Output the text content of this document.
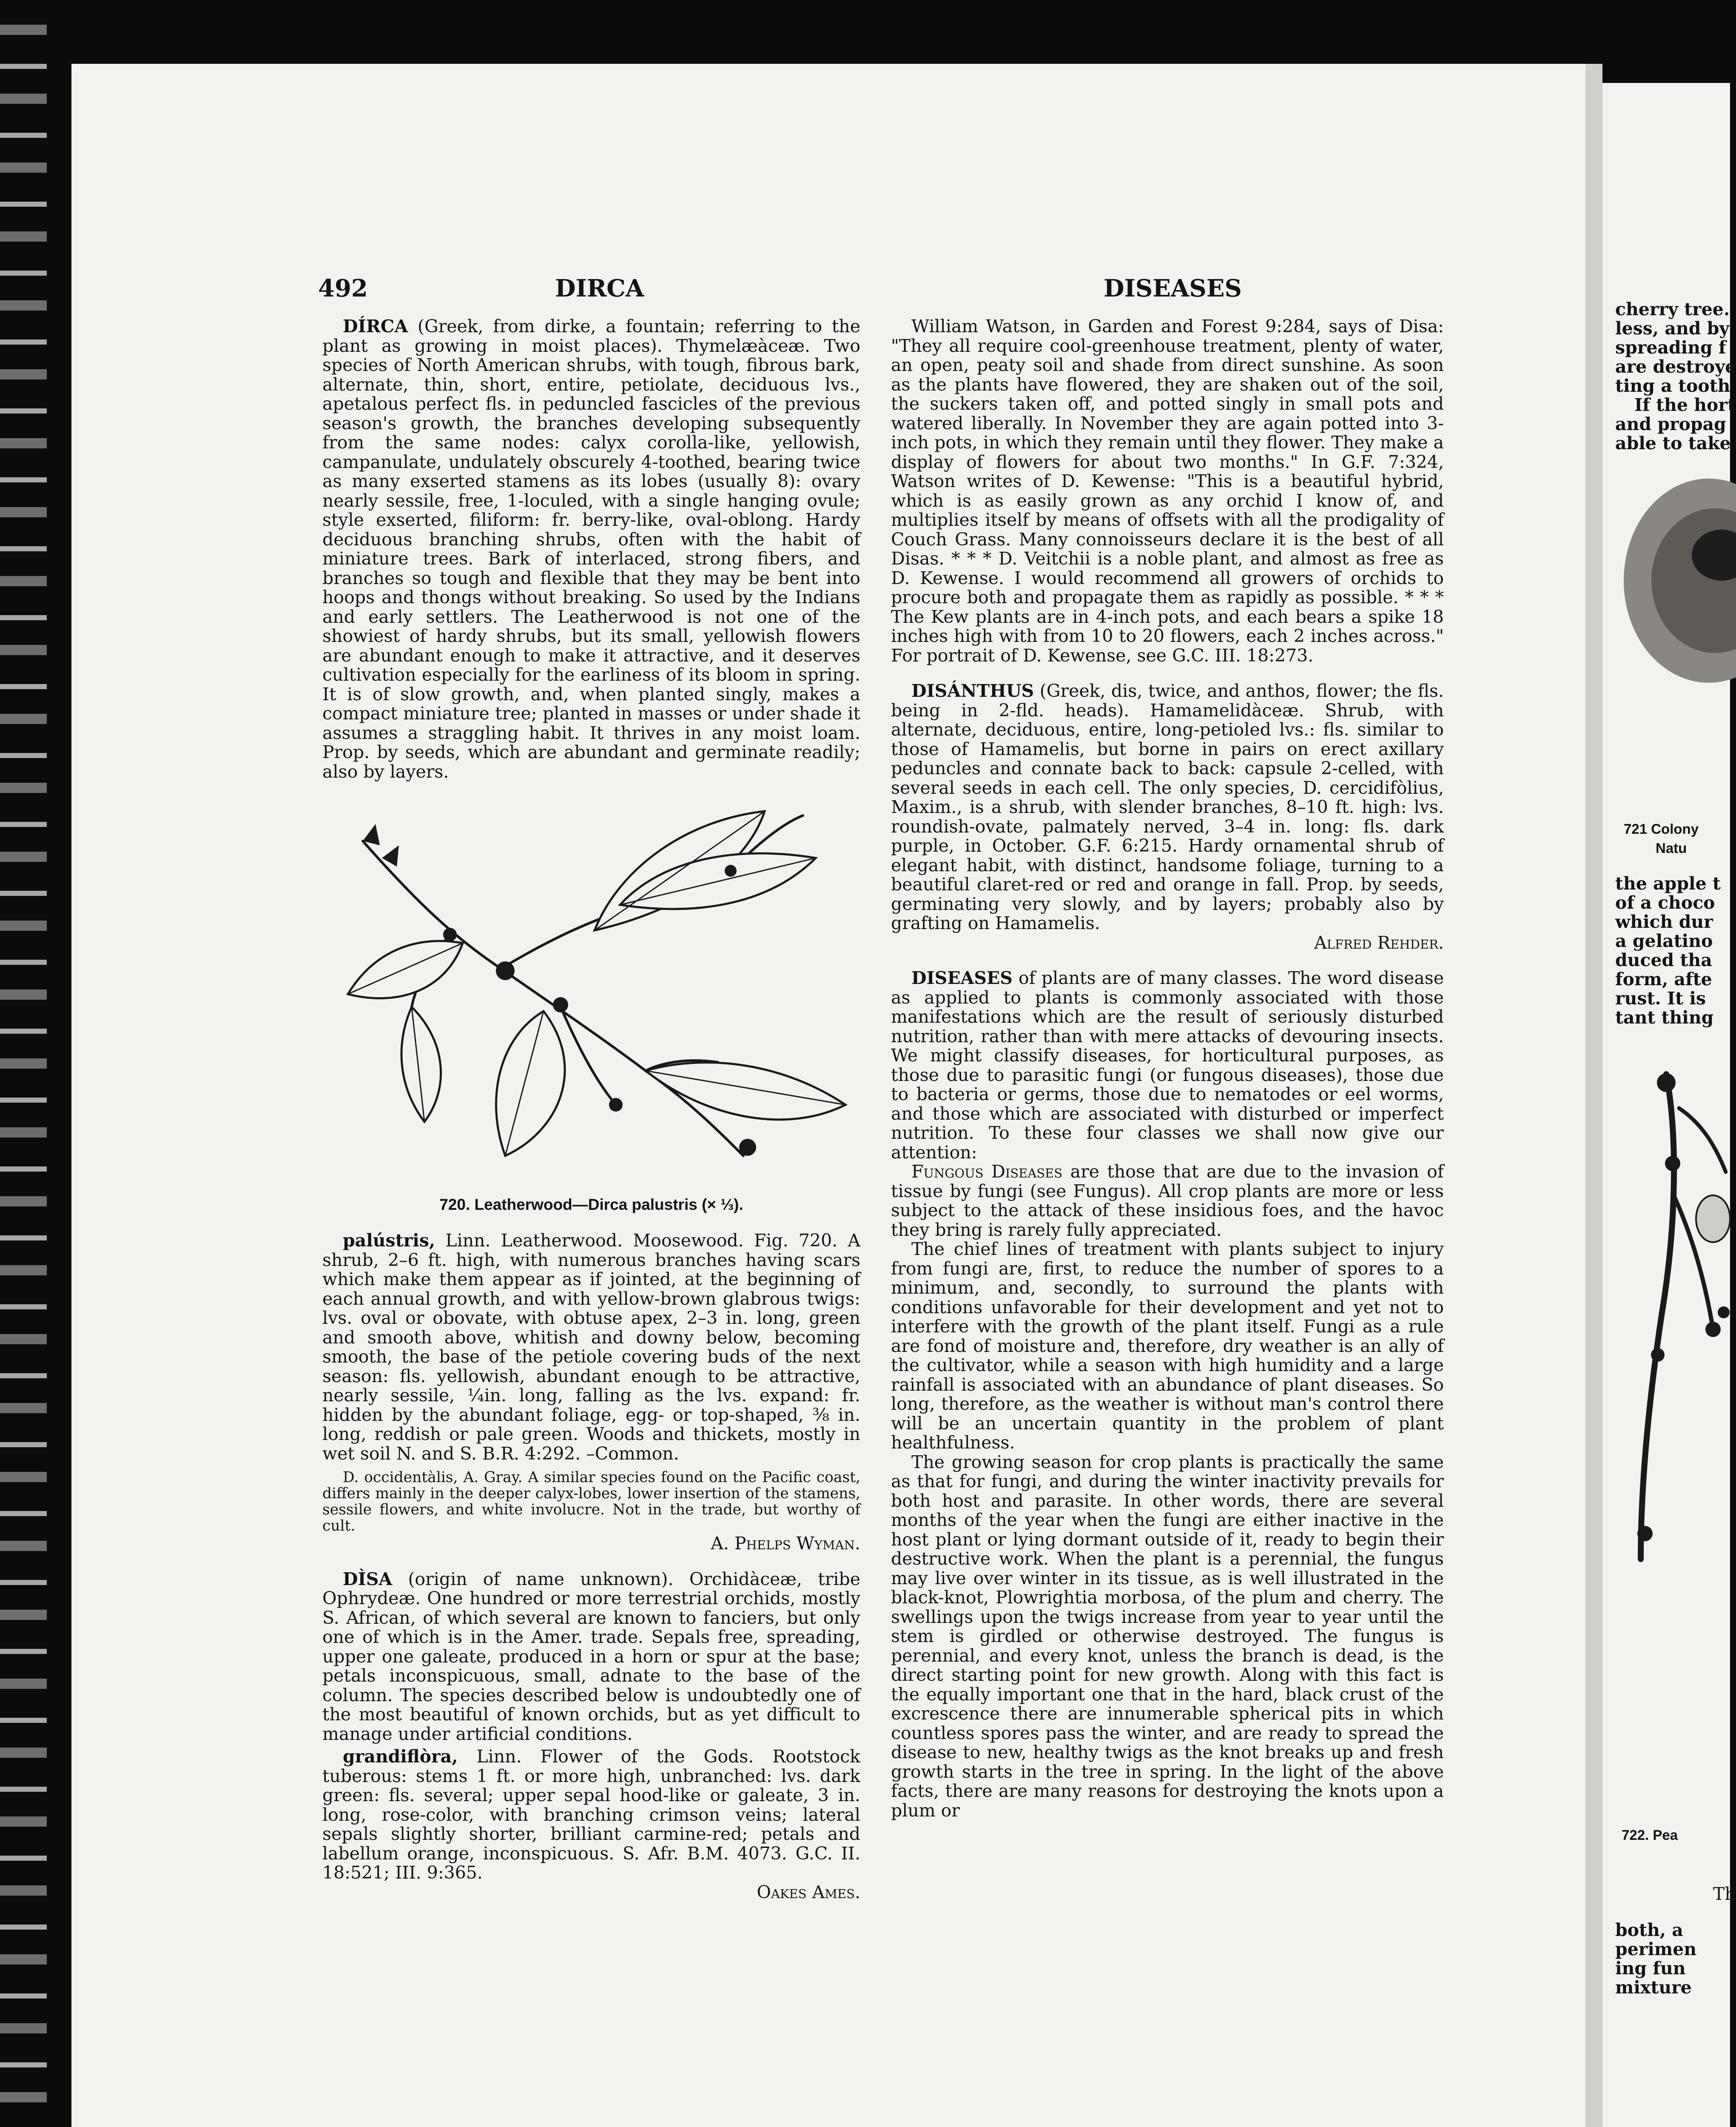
492	DIRCA	DISEASES

DÍRCA (Greek, from dirke, a fountain; referring to the plant as growing in moist places). Thymelæàceæ. Two species of North American shrubs, with tough, fibrous bark, alternate, thin, short, entire, petiolate, deciduous lvs., apetalous perfect fls. in peduncled fascicles of the previous season's growth, the branches developing subsequently from the same nodes: calyx corolla-like, yellowish, campanulate, undulately obscurely 4-toothed, bearing twice as many exserted stamens as its lobes (usually 8): ovary nearly sessile, free, 1-loculed, with a single hanging ovule; style exserted, filiform: fr. berry-like, oval-oblong. Hardy deciduous branching shrubs, often with the habit of miniature trees. Bark of interlaced, strong fibers, and branches so tough and flexible that they may be bent into hoops and thongs without breaking. So used by the Indians and early settlers. The Leatherwood is not one of the showiest of hardy shrubs, but its small, yellowish flowers are abundant enough to make it attractive, and it deserves cultivation especially for the earliness of its bloom in spring. It is of slow growth, and, when planted singly, makes a compact miniature tree; planted in masses or under shade it assumes a straggling habit. It thrives in any moist loam. Prop. by seeds, which are abundant and germinate readily; also by layers.

720. Leatherwood—Dirca palustris (× ⅓).

palústris, Linn. Leatherwood. Moosewood. Fig. 720. A shrub, 2–6 ft. high, with numerous branches having scars which make them appear as if jointed, at the beginning of each annual growth, and with yellow-brown glabrous twigs: lvs. oval or obovate, with obtuse apex, 2–3 in. long, green and smooth above, whitish and downy below, becoming smooth, the base of the petiole covering buds of the next season: fls. yellowish, abundant enough to be attractive, nearly sessile, ¼in. long, falling as the lvs. expand: fr. hidden by the abundant foliage, egg- or top-shaped, ⅜ in. long, reddish or pale green. Woods and thickets, mostly in wet soil N. and S. B.R. 4:292. –Common.

D. occidentàlis, A. Gray. A similar species found on the Pacific coast, differs mainly in the deeper calyx-lobes, lower insertion of the stamens, sessile flowers, and white involucre. Not in the trade, but worthy of cult.

A. Phelps Wyman.

DÌSA (origin of name unknown). Orchidàceæ, tribe Ophrydeæ. One hundred or more terrestrial orchids, mostly S. African, of which several are known to fanciers, but only one of which is in the Amer. trade. Sepals free, spreading, upper one galeate, produced in a horn or spur at the base; petals inconspicuous, small, adnate to the base of the column. The species described below is undoubtedly one of the most beautiful of known orchids, but as yet difficult to manage under artificial conditions.

grandiflòra, Linn. Flower of the Gods. Rootstock tuberous: stems 1 ft. or more high, unbranched: lvs. dark green: fls. several; upper sepal hood-like or galeate, 3 in. long, rose-color, with branching crimson veins; lateral sepals slightly shorter, brilliant carmine-red; petals and labellum orange, inconspicuous. S. Afr. B.M. 4073. G.C. II. 18:521; III. 9:365.

Oakes Ames.

William Watson, in Garden and Forest 9:284, says of Disa: "They all require cool-greenhouse treatment, plenty of water, an open, peaty soil and shade from direct sunshine. As soon as the plants have flowered, they are shaken out of the soil, the suckers taken off, and potted singly in small pots and watered liberally. In November they are again potted into 3-inch pots, in which they remain until they flower. They make a display of flowers for about two months." In G.F. 7:324, Watson writes of D. Kewense: "This is a beautiful hybrid, which is as easily grown as any orchid I know of, and multiplies itself by means of offsets with all the prodigality of Couch Grass. Many connoisseurs declare it is the best of all Disas. * * * D. Veitchii is a noble plant, and almost as free as D. Kewense. I would recommend all growers of orchids to procure both and propagate them as rapidly as possible. * * * The Kew plants are in 4-inch pots, and each bears a spike 18 inches high with from 10 to 20 flowers, each 2 inches across." For portrait of D. Kewense, see G.C. III. 18:273.

DISÁNTHUS (Greek, dis, twice, and anthos, flower; the fls. being in 2-fld. heads). Hamamelidàceæ. Shrub, with alternate, deciduous, entire, long-petioled lvs.: fls. similar to those of Hamamelis, but borne in pairs on erect axillary peduncles and connate back to back: capsule 2-celled, with several seeds in each cell. The only species, D. cercidifòlius, Maxim., is a shrub, with slender branches, 8–10 ft. high: lvs. roundish-ovate, palmately nerved, 3–4 in. long: fls. dark purple, in October. G.F. 6:215. Hardy ornamental shrub of elegant habit, with distinct, handsome foliage, turning to a beautiful claret-red or red and orange in fall. Prop. by seeds, germinating very slowly, and by layers; probably also by grafting on Hamamelis.

Alfred Rehder.

DISEASES of plants are of many classes. The word disease as applied to plants is commonly associated with those manifestations which are the result of seriously disturbed nutrition, rather than with mere attacks of devouring insects. We might classify diseases, for horticultural purposes, as those due to parasitic fungi (or fungous diseases), those due to bacteria or germs, those due to nematodes or eel worms, and those which are associated with disturbed or imperfect nutrition. To these four classes we shall now give our attention:

Fungous Diseases are those that are due to the invasion of tissue by fungi (see Fungus). All crop plants are more or less subject to the attack of these insidious foes, and the havoc they bring is rarely fully appreciated.

The chief lines of treatment with plants subject to injury from fungi are, first, to reduce the number of spores to a minimum, and, secondly, to surround the plants with conditions unfavorable for their development and yet not to interfere with the growth of the plant itself. Fungi as a rule are fond of moisture and, therefore, dry weather is an ally of the cultivator, while a season with high humidity and a large rainfall is associated with an abundance of plant diseases. So long, therefore, as the weather is without man's control there will be an uncertain quantity in the problem of plant healthfulness.

The growing season for crop plants is practically the same as that for fungi, and during the winter inactivity prevails for both host and parasite. In other words, there are several months of the year when the fungi are either inactive in the host plant or lying dormant outside of it, ready to begin their destructive work. When the plant is a perennial, the fungus may live over winter in its tissue, as is well illustrated in the black-knot, Plowrightia morbosa, of the plum and cherry. The swellings upon the twigs increase from year to year until the stem is girdled or otherwise destroyed. The fungus is perennial, and every knot, unless the branch is dead, is the direct starting point for new growth. Along with this fact is the equally important one that in the hard, black crust of the excrescence there are innumerable spherical pits in which countless spores pass the winter, and are ready to spread the disease to new, healthy twigs as the knot breaks up and fresh growth starts in the tree in spring. In the light of the above facts, there are many reasons for destroying the knots upon a plum or

cherry tree.
less, and by
spreading f
are destroye
ting a tooth
If the hort
and propag
able to take
721 Colony
Natu
the apple t
of a choco
which dur
a gelatino
duced tha
form, afte
rust. It is
tant thing
722. Pea
Th
both, a
perimen
ing fun
mixture
